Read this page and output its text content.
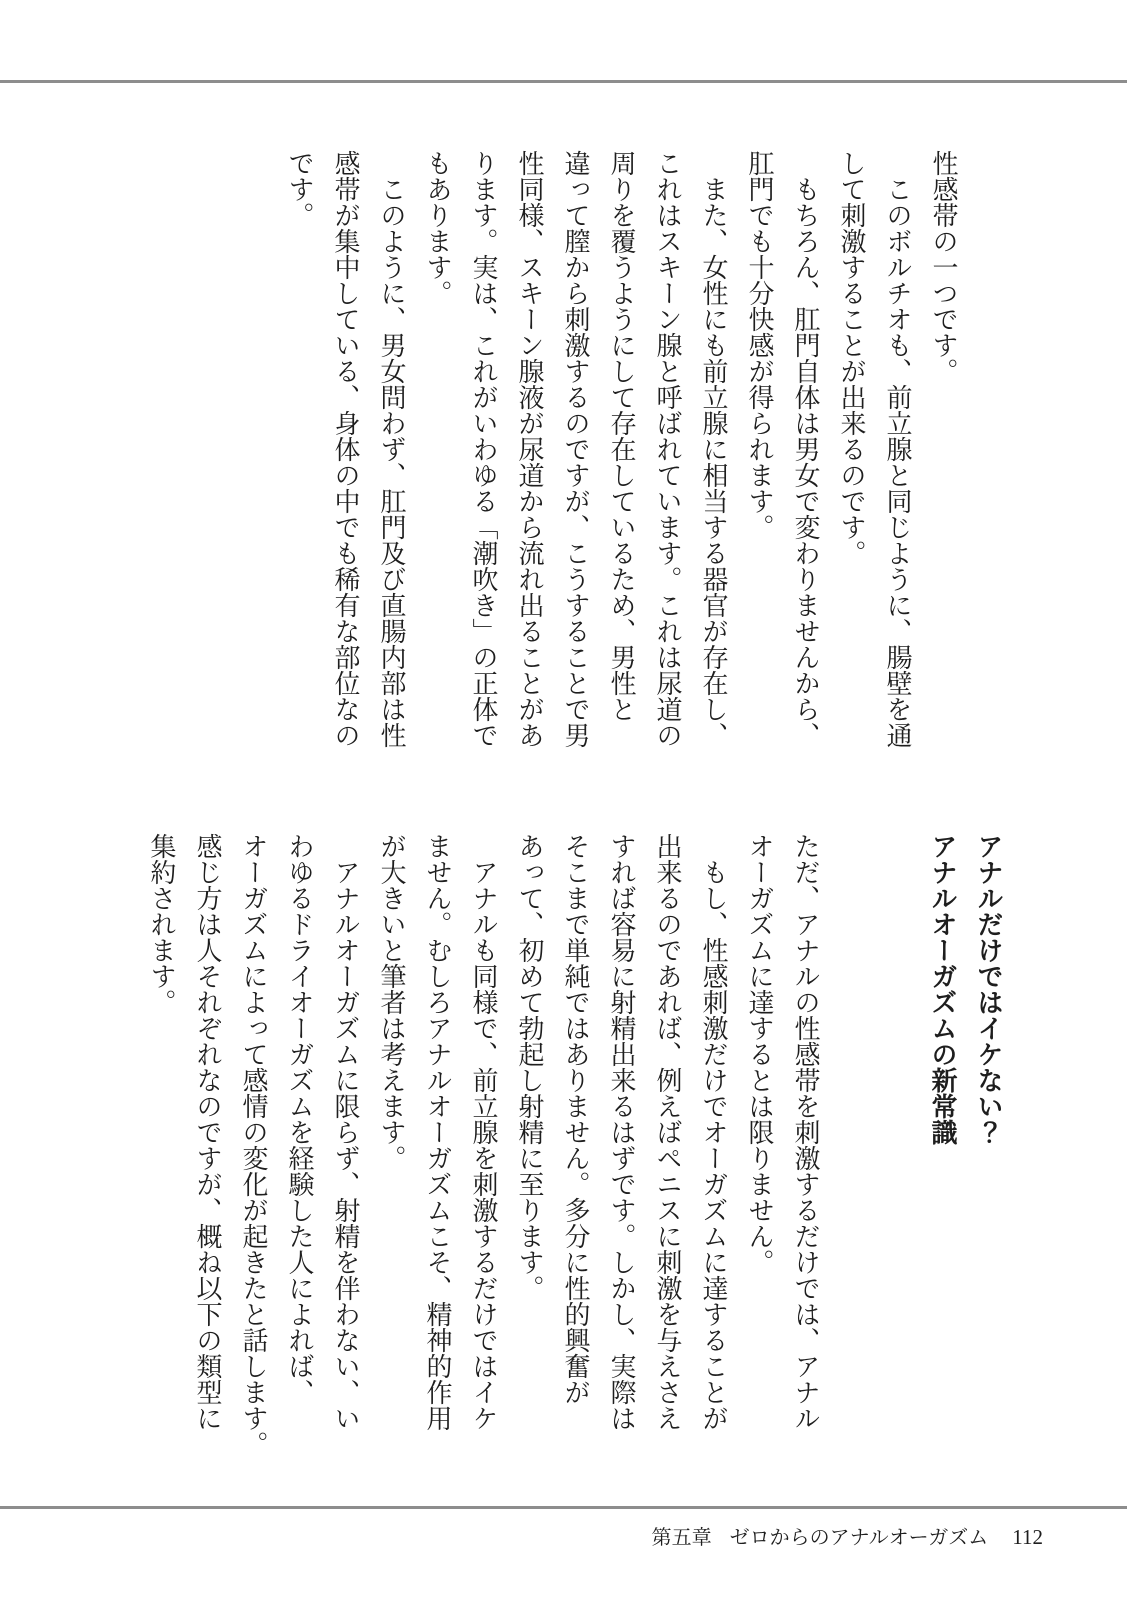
性感帯の一つです。
このボルチオも、前立腺と同じように、腸壁を通
して刺激することが出来るのです。
もちろん、肛門自体は男女で変わりませんから、
肛門でも十分快感が得られます。
また、女性にも前立腺に相当する器官が存在し、
これはスキーン腺と呼ばれています。これは尿道の
周りを覆うようにして存在しているため、男性と
違って膣から刺激するのですが、こうすることで男
性同様、スキーン腺液が尿道から流れ出ることがあ
ります。実は、これがいわゆる「潮吹き」の正体で
もあります。
このように、男女問わず、肛門及び直腸内部は性
感帯が集中している、身体の中でも稀有な部位なの
です。
アナルだけではイケない？
アナルオーガズムの新常識
ただ、アナルの性感帯を刺激するだけでは、アナル
オーガズムに達するとは限りません。
もし、性感刺激だけでオーガズムに達することが
出来るのであれば、例えばペニスに刺激を与えさえ
すれば容易に射精出来るはずです。しかし、実際は
そこまで単純ではありません。多分に性的興奮が
あって、初めて勃起し射精に至ります。
アナルも同様で、前立腺を刺激するだけではイケ
ません。むしろアナルオーガズムこそ、精神的作用
が大きいと筆者は考えます。
アナルオーガズムに限らず、射精を伴わない、い
わゆるドライオーガズムを経験した人によれば、
オーガズムによって感情の変化が起きたと話します。
感じ方は人それぞれなのですが、概ね以下の類型に
集約されます。
第五章 ゼロからのアナルオーガズム 112
